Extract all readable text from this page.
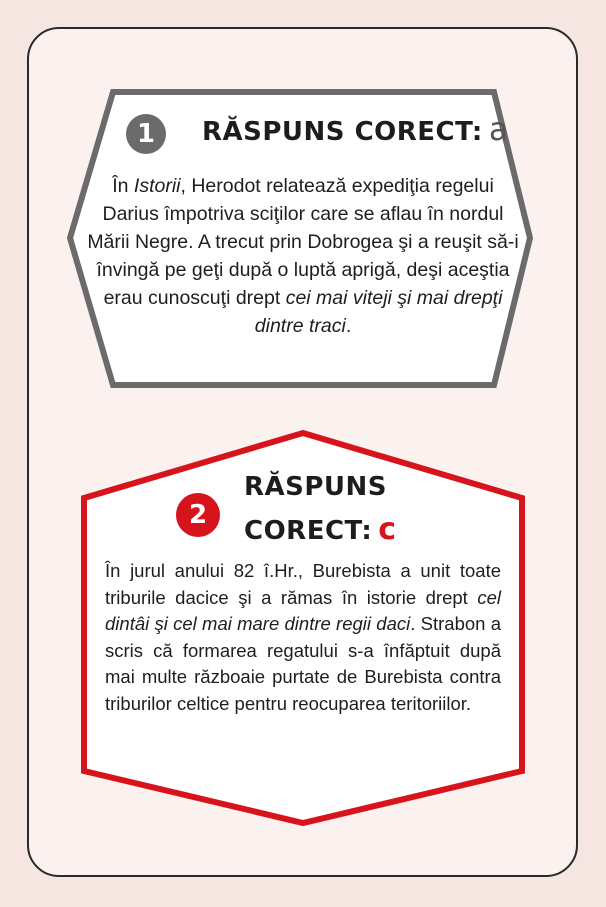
1	RĂSPUNS CORECT: a
În Istorii, Herodot relatează expediţia regelui Darius împotriva sciţilor care se aflau în nordul Mării Negre. A trecut prin Dobrogea şi a reuşit să-i învingă pe geţi după o luptă aprigă, deşi aceştia erau cunoscuţi drept cei mai viteji şi mai drepţi dintre traci.
2
RĂSPUNS
CORECT: c
În jurul anului 82 î.Hr., Burebista a unit toate triburile dacice şi a rămas în istorie drept cel dintâi şi cel mai mare dintre regii daci. Strabon a scris că formarea regatului s-a înfăptuit după mai multe războaie purtate de Burebista contra triburilor celtice pentru reocuparea teritoriilor.
